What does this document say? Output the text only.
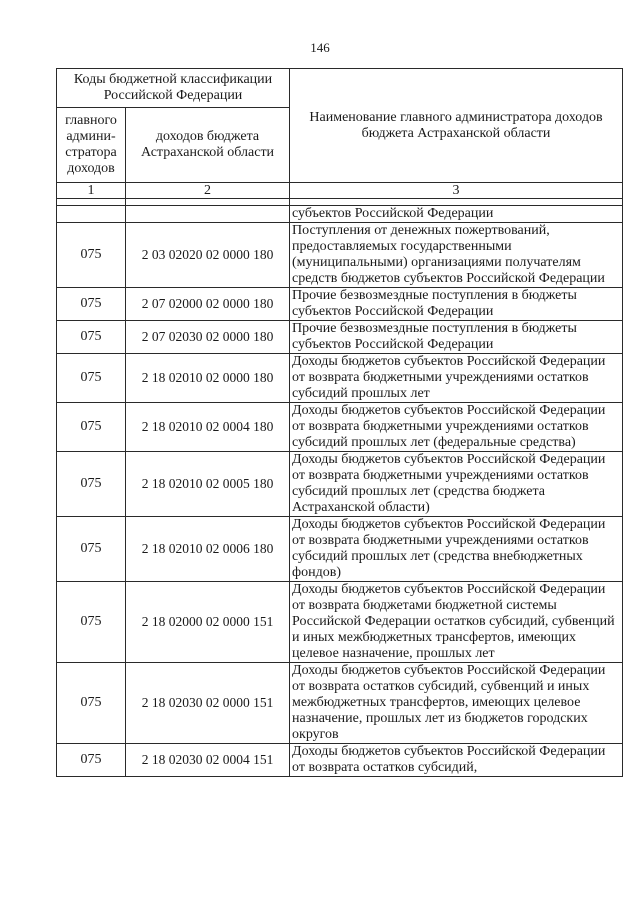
146
Коды бюджетной классификации Российской Федерации		Наименование главного администратора доходов бюджета Астраханской области
главного админи-стратора доходов	доходов бюджета Астраханской области	
1	2	3

		субъектов Российской Федерации
075	2 03 02020 02 0000 180	Поступления от денежных пожертвований, предоставляемых государственными (муниципальными) организациями получателям средств бюджетов субъектов Российской Федерации
075	2 07 02000 02 0000 180	Прочие безвозмездные поступления в бюджеты субъектов Российской Федерации
075	2 07 02030 02 0000 180	Прочие безвозмездные поступления в бюджеты субъектов Российской Федерации
075	2 18 02010 02 0000 180	Доходы бюджетов субъектов Российской Федерации от возврата бюджетными учреждениями остатков субсидий прошлых лет
075	2 18 02010 02 0004 180	Доходы бюджетов субъектов Российской Федерации от возврата бюджетными учреждениями остатков субсидий прошлых лет (федеральные средства)
075	2 18 02010 02 0005 180	Доходы бюджетов субъектов Российской Федерации от возврата бюджетными учреждениями остатков субсидий прошлых лет (средства бюджета Астраханской области)
075	2 18 02010 02 0006 180	Доходы бюджетов субъектов Российской Федерации от возврата бюджетными учреждениями остатков субсидий прошлых лет (средства внебюджетных фондов)
075	2 18 02000 02 0000 151	Доходы бюджетов субъектов Российской Федерации от возврата бюджетами бюджетной системы Российской Федерации остатков субсидий, субвенций и иных межбюджетных трансфертов, имеющих целевое назначение, прошлых лет
075	2 18 02030 02 0000 151	Доходы бюджетов субъектов Российской Федерации от возврата остатков субсидий, субвенций и иных межбюджетных трансфертов, имеющих целевое назначение, прошлых лет из бюджетов городских округов
075	2 18 02030 02 0004 151	Доходы бюджетов субъектов Российской Федерации от возврата остатков субсидий,
